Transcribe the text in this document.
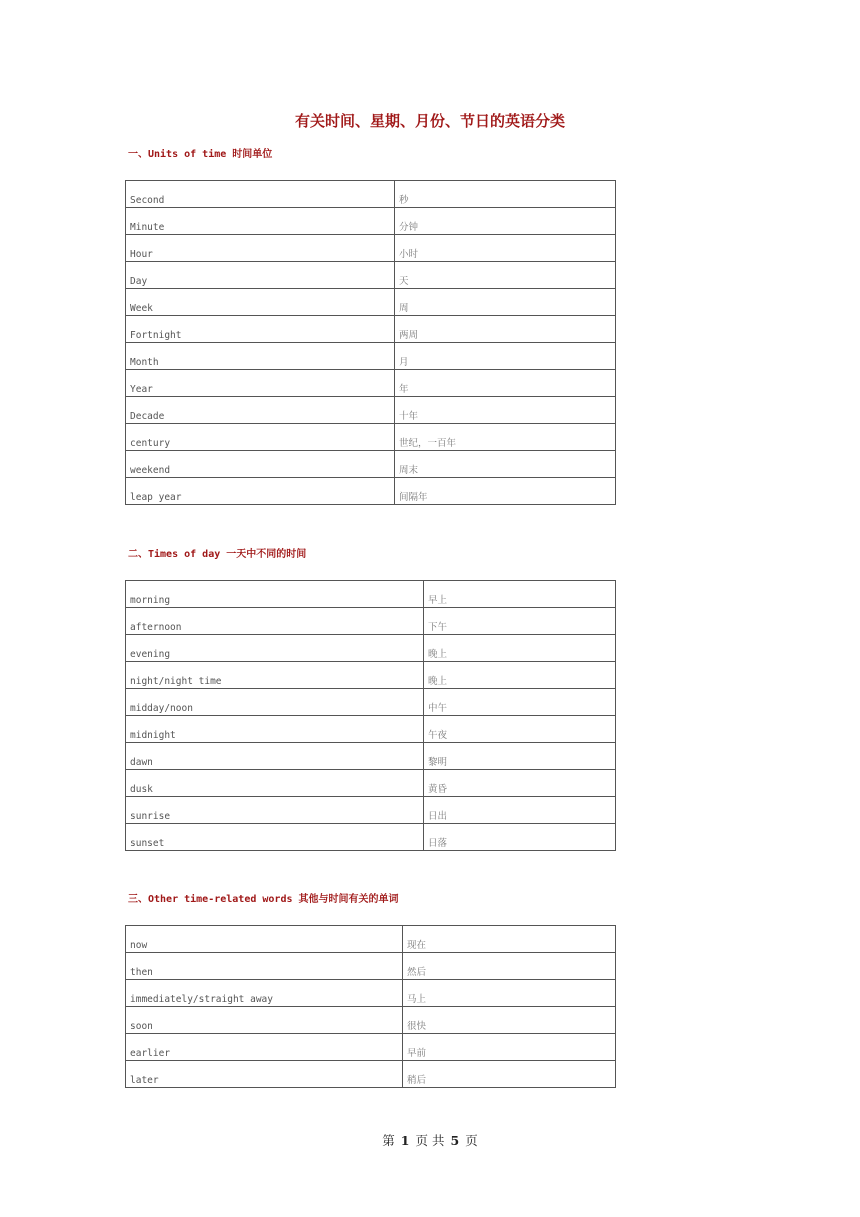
有关时间、星期、月份、节日的英语分类
一、Units of time 时间单位
Second	秒

Minute	分钟

Hour	小时

Day	天

Week	周

Fortnight	两周

Month	月

Year	年

Decade	十年

century	世纪，一百年

weekend	周末

leap year	间隔年
二、Times of day 一天中不同的时间
morning	早上

afternoon	下午

evening	晚上

night/night time	晚上

midday/noon	中午

midnight	午夜

dawn	黎明

dusk	黄昏

sunrise	日出

sunset	日落
三、Other time-related words 其他与时间有关的单词
now	现在

then	然后

immediately/straight away	马上

soon	很快

earlier	早前

later	稍后
第 1 页 共 5 页
